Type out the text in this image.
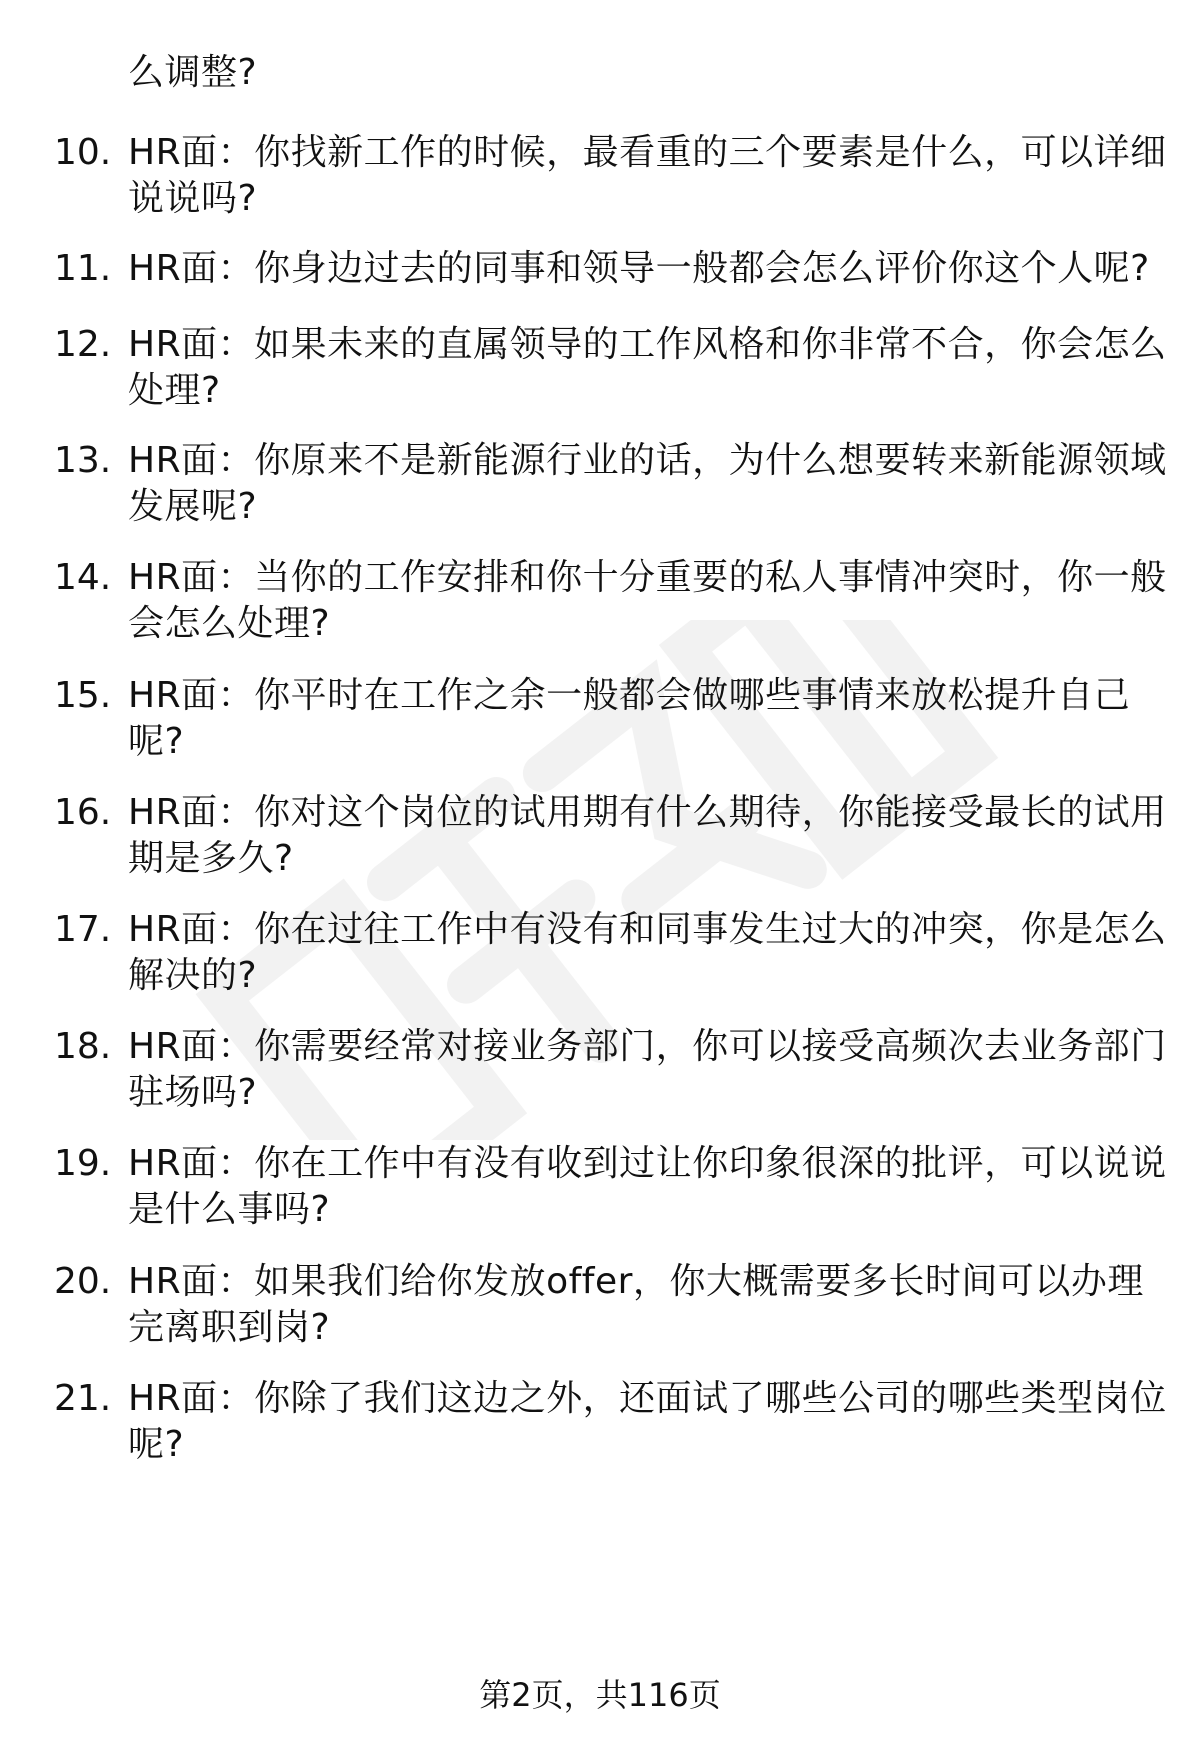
么调整?
10. HR面：你找新工作的时候，最看重的三个要素是什么，可以详细
说说吗?
11. HR面：你身边过去的同事和领导一般都会怎么评价你这个人呢?
12. HR面：如果未来的直属领导的工作风格和你非常不合，你会怎么
处理?
13. HR面：你原来不是新能源行业的话，为什么想要转来新能源领域
发展呢?
14. HR面：当你的工作安排和你十分重要的私人事情冲突时，你一般
会怎么处理?
15. HR面：你平时在工作之余一般都会做哪些事情来放松提升自己
呢?
16. HR面：你对这个岗位的试用期有什么期待，你能接受最长的试用
期是多久?
17. HR面：你在过往工作中有没有和同事发生过大的冲突，你是怎么
解决的?
18. HR面：你需要经常对接业务部门，你可以接受高频次去业务部门
驻场吗?
19. HR面：你在工作中有没有收到过让你印象很深的批评，可以说说
是什么事吗?
20. HR面：如果我们给你发放offer，你大概需要多长时间可以办理
完离职到岗?
21. HR面：你除了我们这边之外，还面试了哪些公司的哪些类型岗位
呢?
第2页，共116页
